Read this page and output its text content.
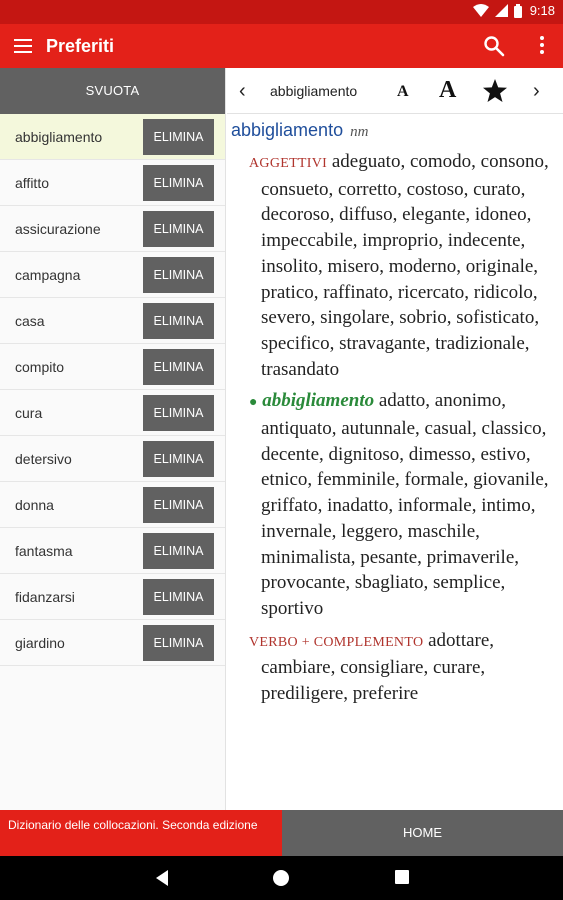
9:18
Preferiti
SVUOTA
abbigliamento	ELIMINA
affitto	ELIMINA
assicurazione	ELIMINA
campagna	ELIMINA
casa	ELIMINA
compito	ELIMINA
cura	ELIMINA
detersivo	ELIMINA
donna	ELIMINA
fantasma	ELIMINA
fidanzarsi	ELIMINA
giardino	ELIMINA
‹ abbigliamento A A	›
abbigliamento nm
AGGETTIVI adeguato, comodo, consono, consueto, corretto, costoso, curato, decoroso, diffuso, elegante, idoneo, impeccabile, improprio, indecente, insolito, misero, moderno, originale, pratico, raffinato, ricercato, ridicolo, severo, singolare, sobrio, sofisticato, specifico, stravagante, tradizionale, trasandato
● abbigliamento adatto, anonimo, antiquato, autunnale, casual, classico, decente, dignitoso, dimesso, estivo, etnico, femminile, formale, giovanile, griffato, inadatto, informale, intimo, invernale, leggero, maschile, minimalista, pesante, primaverile, provocante, sbagliato, semplice, sportivo
VERBO + COMPLEMENTO adottare, cambiare, consigliare, curare, prediligere, preferire
Dizionario delle collocazioni. Seconda edizione	HOME
